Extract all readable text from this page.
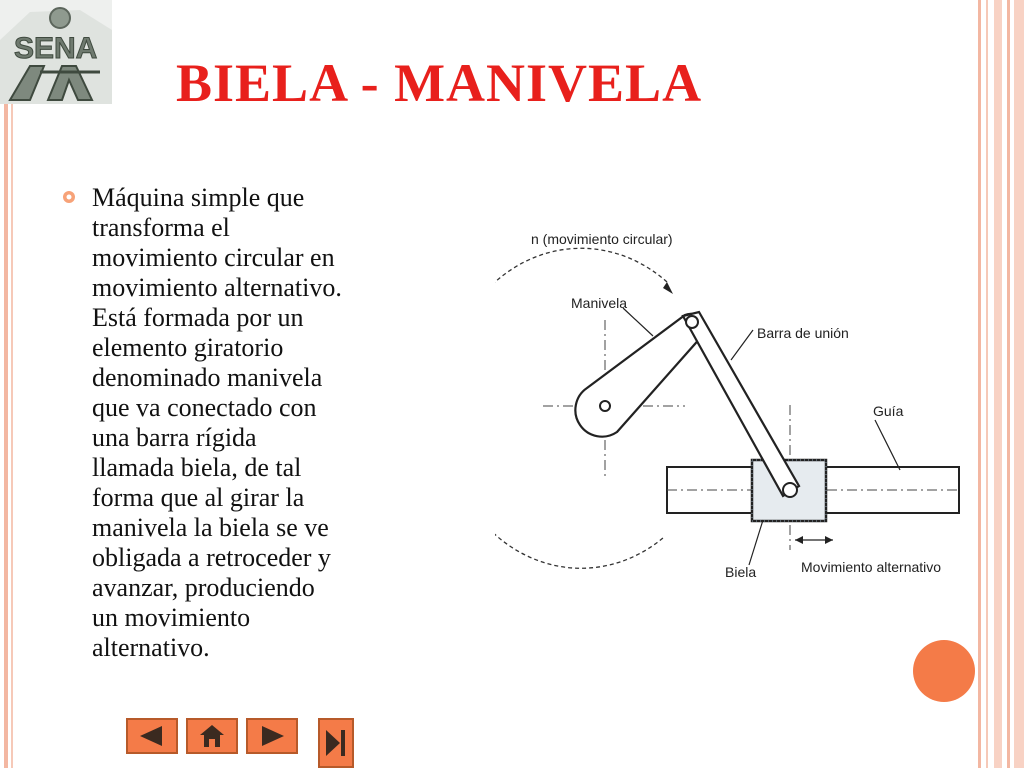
SENA
BIELA - MANIVELA
Máquina simple que
transforma el
movimiento circular en
movimiento alternativo.
Está formada por un
elemento giratorio
denominado manivela
que va conectado con
una barra rígida
llamada biela, de tal
forma que al girar la
manivela la biela se ve
obligada a retroceder y
avanzar, produciendo
un movimiento
alternativo.
n (movimiento circular)
Manivela
Barra de unión
Guía
Biela	Movimiento alternativo
